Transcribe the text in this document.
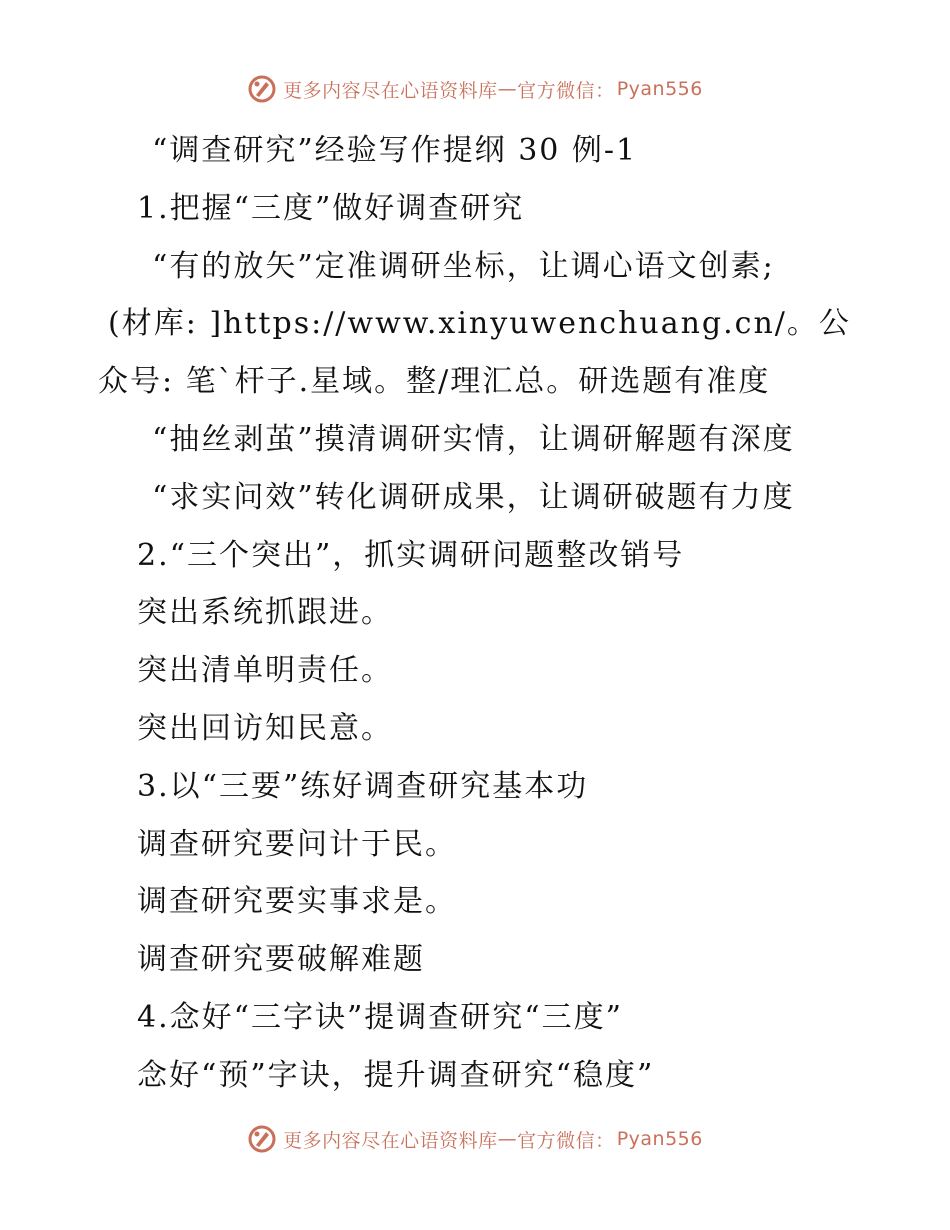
更多内容尽在心语资料库 — 官方微信： Pyan556
“调查研究”经验写作提纲 30 例-1
1.把握“三度”做好调查研究
“有的放矢”定准调研坐标，让调心语文创素;
(材库: ]https://www.xinyuwenchuang.cn/。公
众号: 笔`杆子.星域。整/理汇总。研选题有准度
“抽丝剥茧”摸清调研实情，让调研解题有深度
“求实问效”转化调研成果，让调研破题有力度
2.“三个突出”，抓实调研问题整改销号
突出系统抓跟进。
突出清单明责任。
突出回访知民意。
3.以“三要”练好调查研究基本功
调查研究要问计于民。
调查研究要实事求是。
调查研究要破解难题
4.念好“三字诀”提调查研究“三度”
念好“预”字诀，提升调查研究“稳度”
更多内容尽在心语资料库 — 官方微信： Pyan556
